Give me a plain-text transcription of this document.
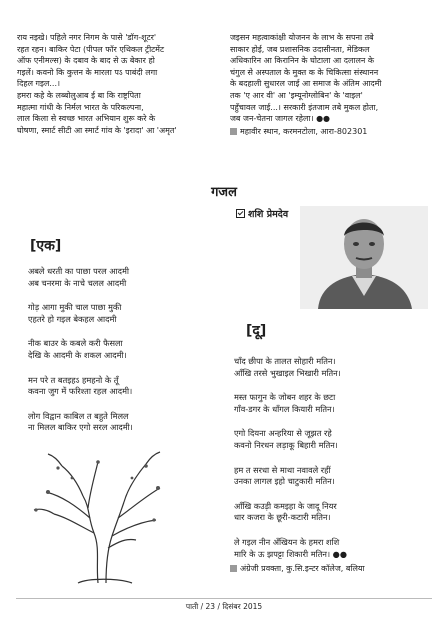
राय नइखे। पहिले नगर निगम के पासे 'डॉग-शूटर'
रहत रहन। बाकिर पेटा (पीपल फॉर एथिकल ट्रीटमेंट
ऑफ एनीमल्स) के दबाव के बाद से ऊ बेकार हो
गइलें। कवनो कि कुत्तन के मारला पऽ पाबंदी लगा
दिहल गइल...।
हमरा कहे के लब्बोलुआब ई बा कि राष्ट्रपिता
महात्मा गांधी के निर्मल भारत के परिकल्पना,
लाल किला से स्वच्छ भारत अभियान शुरू करे के
घोषणा, स्मार्ट सीटी आ स्मार्ट गांव के 'इरादा' आ 'अमृत'
जइसन महत्वाकांक्षी योजनन के लाभ के सपना तबे
साकार होई, जब प्रशासनिक उदासीनता, मेडिकल
अधिकारिन आ किरानिन के घोटाला आ दलालन के
चंगुल से अस्पताल के मुक्त क के चिकित्सा संस्थानन
के बदहाली सुधारल जाई आ समाज के अंतिम आदमी
तक 'ए आर वी' आ 'इम्यूनोग्लोबिन' के 'वाइल'
पहुँचावल जाई...। सरकारी इंतजाम तबे मुकल होता,
जब जन-चेतना जागल रहेला। ●●
महावीर स्थान, करमनटोला, आरा-802301
गजल
शशि प्रेमदेव
[एक]
अबले धरती का पाछा परल आदमी
अब चनरमा के नाचे चलल आदमी
गोड़ आगा मुकी चाल पाछा मुकी
एहतरे हो गइल बेकहल आदमी
नीक बाउर के कबले करी फैसला
देखि के आदमी के शकल आदमी।
मन परे त बतइहऽ हमहनो के तूँ
कवना जुग में फरिश्ता रहल आदमी।
लोग विद्वान काबिल त बहुते मिलल
ना मिलल बाकिर एगो सरल आदमी।
[दू]
चाँद छीपा के तालत सोहारी मतिन।
आँखि तरसे भुखाइल भिखारी मतिन।
मस्त फागुन के जोबन शहर के छटा
गाँव-डगर के धाँगल कियारी मतिन।
एगो दियना अन्हरिया से जूझत रहे
कवनो निरधन लड़ाकू बिहारी मतिन।
हम त सरधा से माथा नवावले रहीं
उनका लागल इहो चाटुकारी मतिन।
आँखि कउड़ी कमइहा के जादू नियर
धार कजरा के छूरी-कटारी मतिन।
ले गइल नीन अँखियन के हमरा शशि
मारि के ऊ झपट्टा शिकारी मतिन। ●●
अंग्रेजी प्रवक्ता, कु.सि.इन्टर कॉलेज, बलिया
पाती / 23 / दिसंबर 2015
